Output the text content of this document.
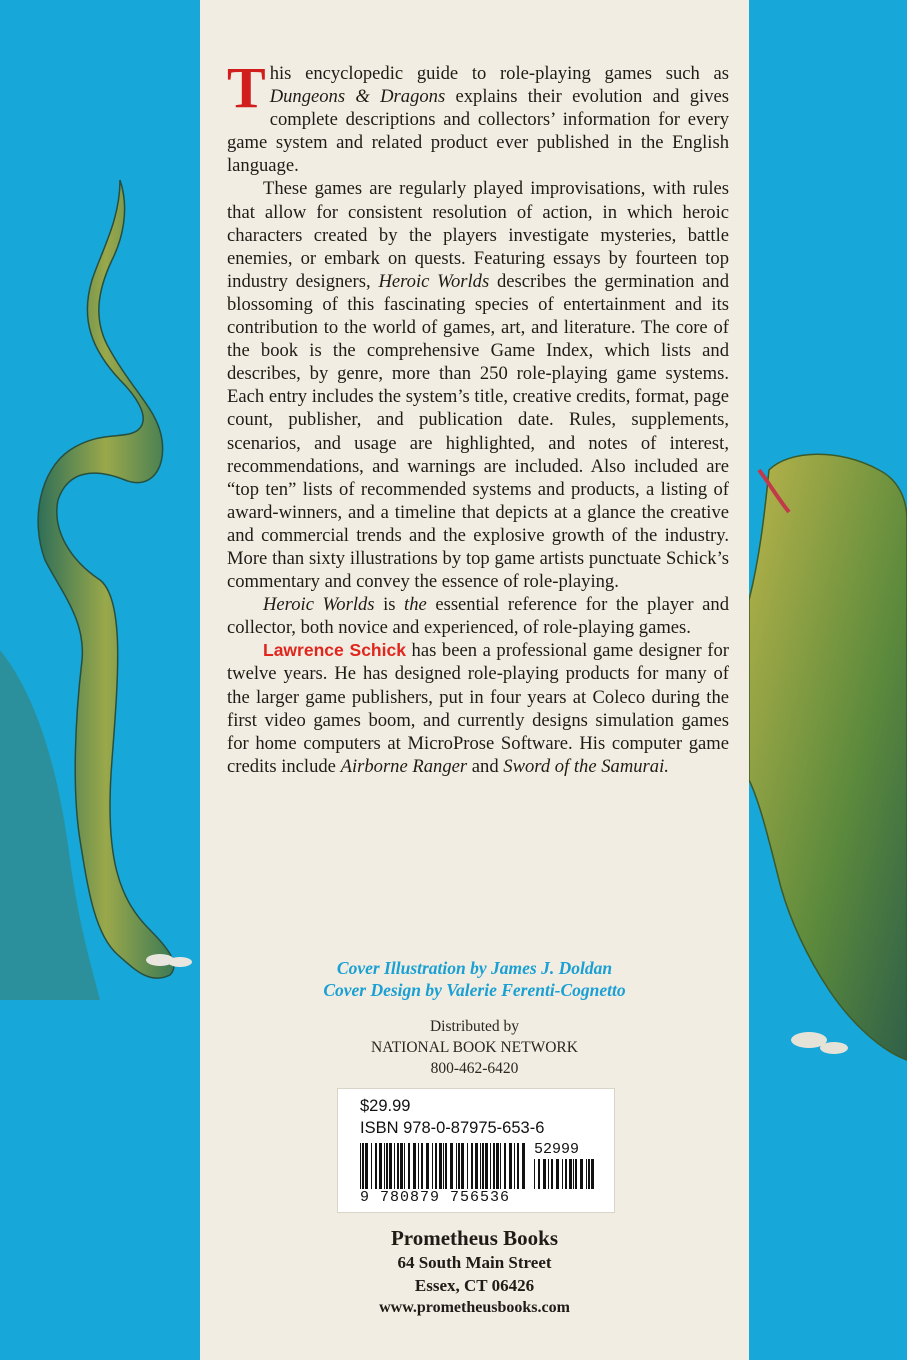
This encyclopedic guide to role-playing games such as Dungeons & Dragons explains their evolution and gives complete descriptions and collectors’ information for every game system and related product ever published in the English language.

These games are regularly played improvisations, with rules that allow for consistent resolution of action, in which heroic characters created by the players investigate mysteries, battle enemies, or embark on quests. Featuring essays by fourteen top industry designers, Heroic Worlds describes the germination and blossoming of this fascinating species of entertainment and its contribution to the world of games, art, and literature. The core of the book is the comprehensive Game Index, which lists and describes, by genre, more than 250 role-playing game systems. Each entry includes the system’s title, creative credits, format, page count, publisher, and publication date. Rules, supplements, scenarios, and usage are highlighted, and notes of interest, recommendations, and warnings are included. Also included are “top ten” lists of recommended systems and products, a listing of award-winners, and a timeline that depicts at a glance the creative and commercial trends and the explosive growth of the industry. More than sixty illustrations by top game artists punctuate Schick’s commentary and convey the essence of role-playing.

Heroic Worlds is the essential reference for the player and collector, both novice and experienced, of role-playing games.

Lawrence Schick has been a professional game designer for twelve years. He has designed role-playing products for many of the larger game publishers, put in four years at Coleco during the first video games boom, and currently designs simulation games for home computers at MicroProse Software. His computer game credits include Airborne Ranger and Sword of the Samurai.

Cover Illustration by James J. Doldan
Cover Design by Valerie Ferenti-Cognetto
Distributed by
NATIONAL BOOK NETWORK
800-462-6420
$29.99
ISBN 978-0-87975-653-6
52999
9 780879 756536
Prometheus Books
64 South Main Street
Essex, CT 06426
www.prometheusbooks.com
